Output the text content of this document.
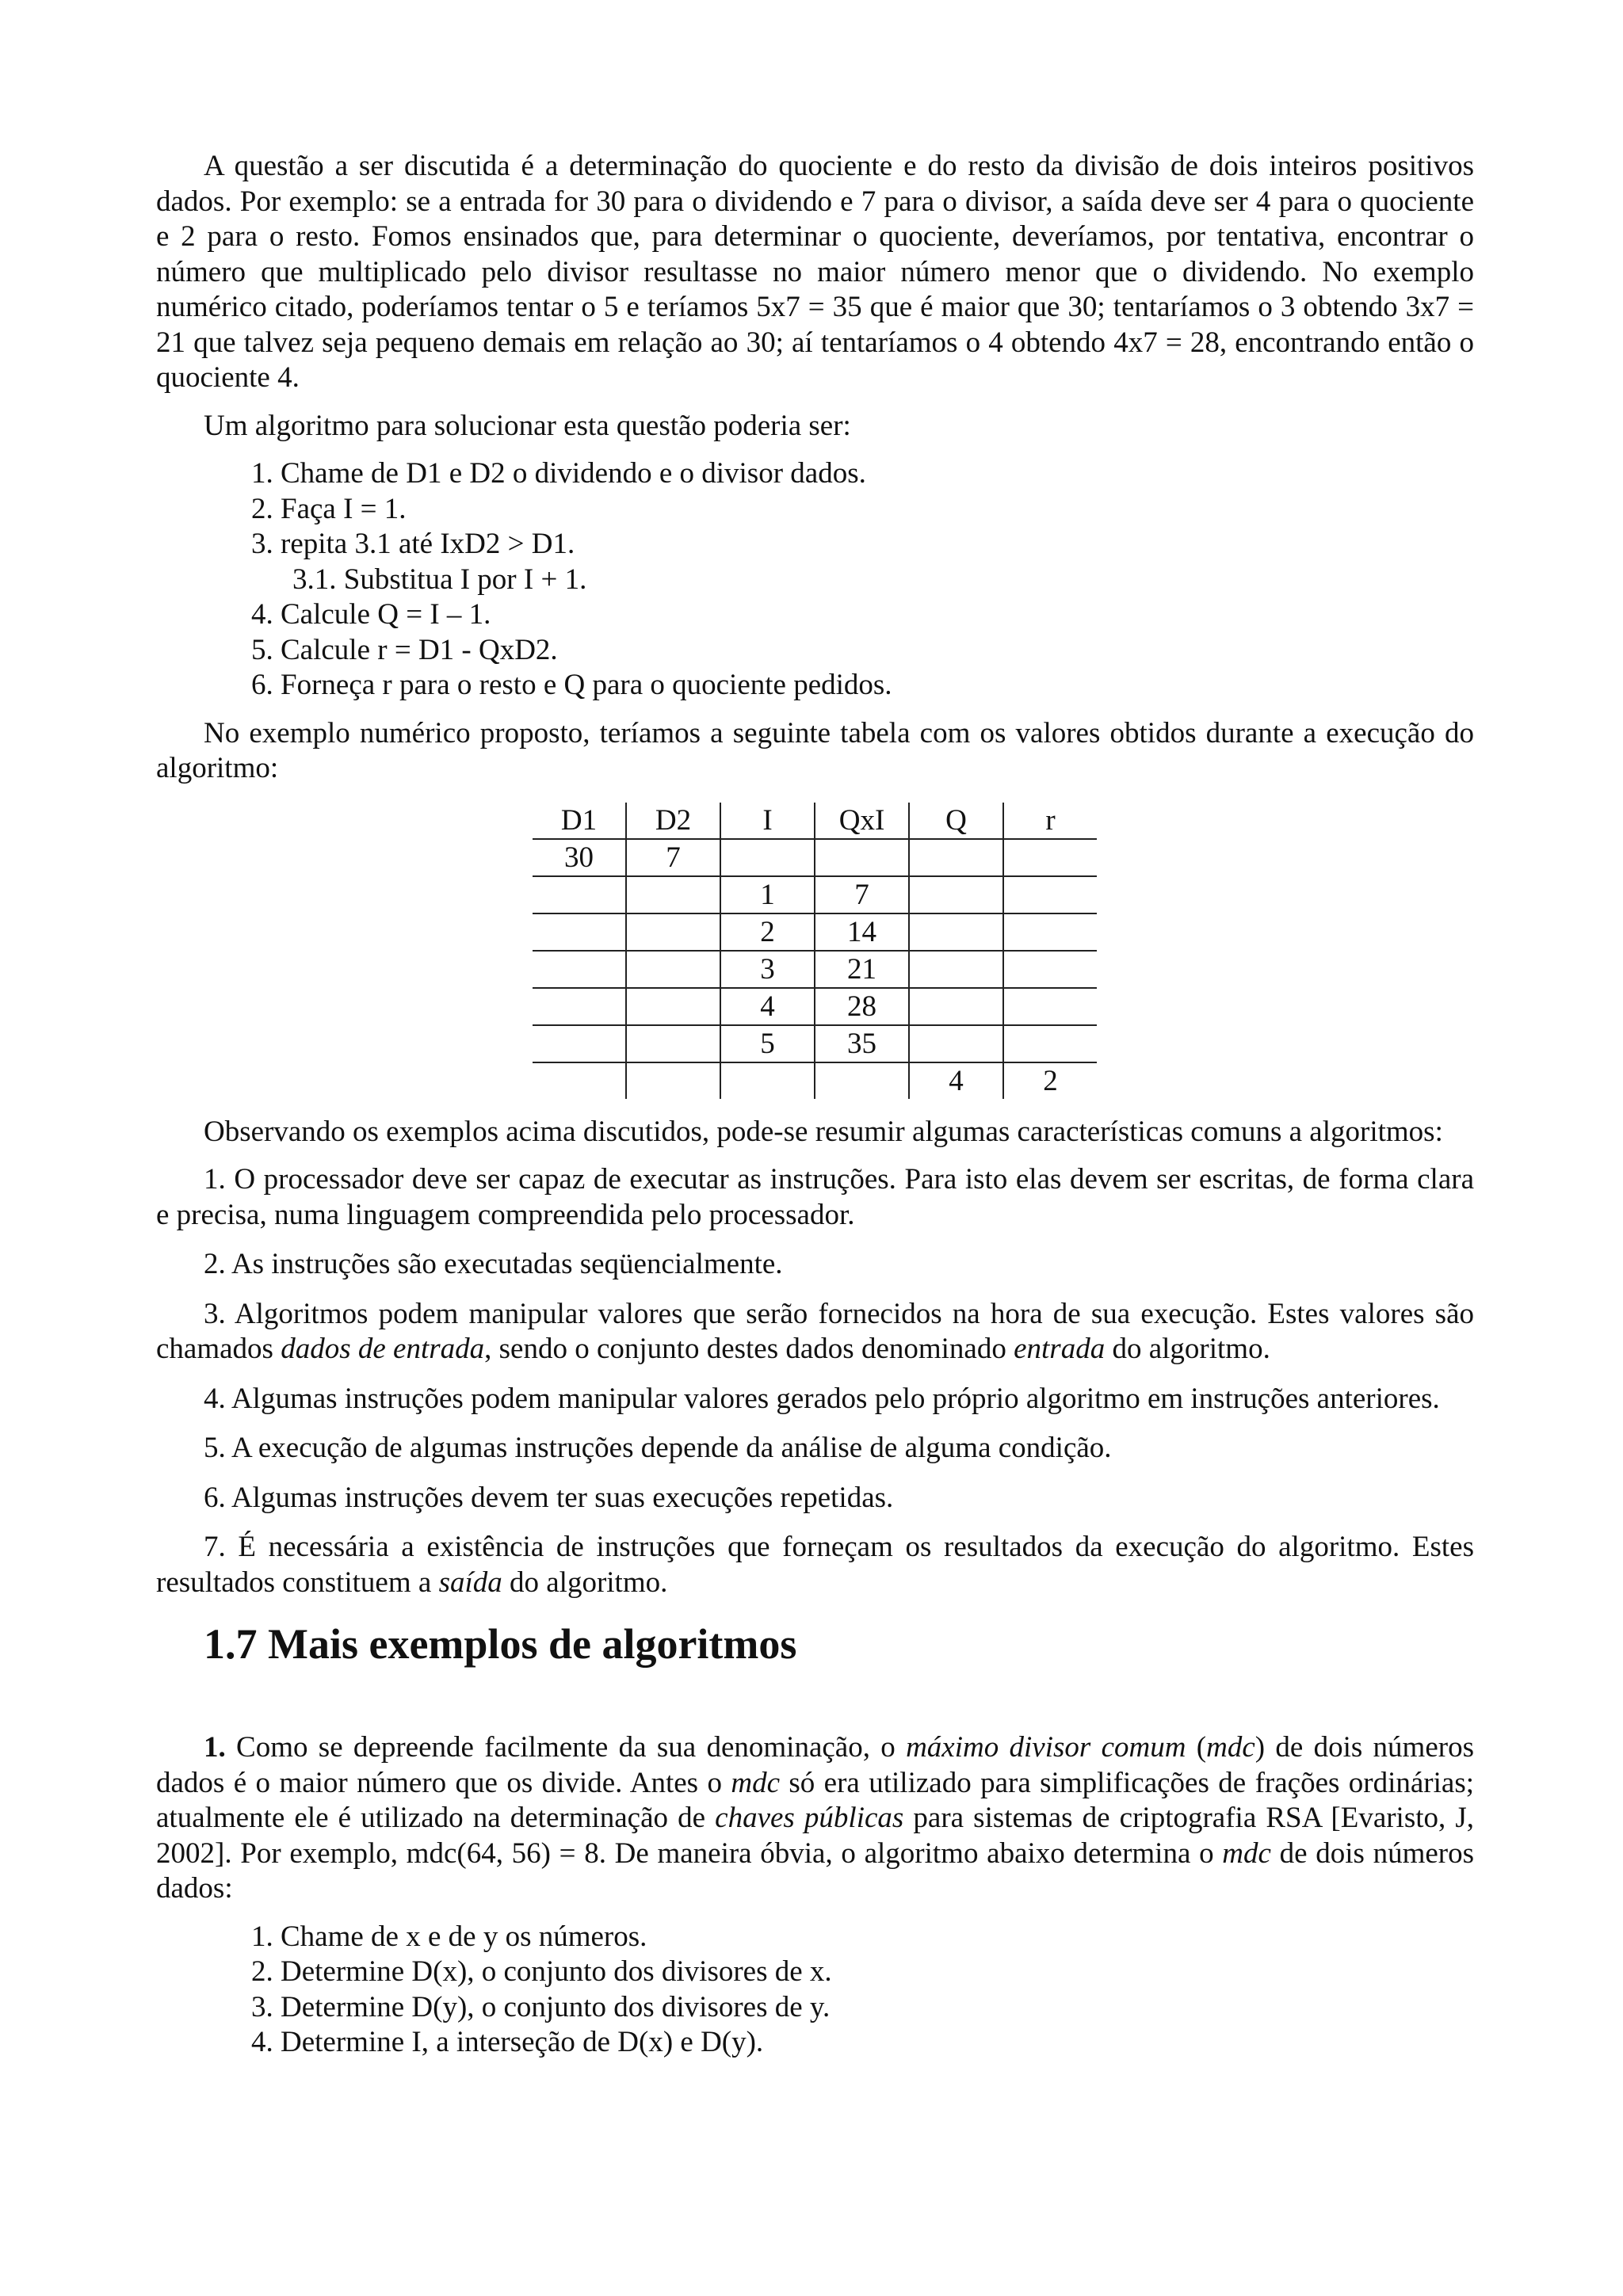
A questão a ser discutida é a determinação do quociente e do resto da divisão de dois inteiros positivos dados. Por exemplo: se a entrada for 30 para o dividendo e 7 para o divisor, a saída deve ser 4 para o quociente e 2 para o resto. Fomos ensinados que, para determinar o quociente, deveríamos, por tentativa, encontrar o número que multiplicado pelo divisor resultasse no maior número menor que o dividendo. No exemplo numérico citado, poderíamos tentar o 5 e teríamos 5x7 = 35 que é maior que 30; tentaríamos o 3 obtendo 3x7 = 21 que talvez seja pequeno demais em relação ao 30; aí tentaríamos o 4 obtendo 4x7 = 28, encontrando então o quociente 4.

Um algoritmo para solucionar esta questão poderia ser:

1. Chame de D1 e D2 o dividendo e o divisor dados.
2. Faça I = 1.
3. repita 3.1 até IxD2 > D1.
3.1. Substitua I por I + 1.
4. Calcule Q = I – 1.
5. Calcule r = D1 - QxD2.
6. Forneça r para o resto e Q para o quociente pedidos.

No exemplo numérico proposto, teríamos a seguinte tabela com os valores obtidos durante a execução do algoritmo:

D1	D2	I	QxI	Q	r
30	7				
		1	7		
		2	14		
		3	21		
		4	28		
		5	35		
				4	2

Observando os exemplos acima discutidos, pode-se resumir algumas características comuns a algoritmos:

1. O processador deve ser capaz de executar as instruções. Para isto elas devem ser escritas, de forma clara e precisa, numa linguagem compreendida pelo processador.

2. As instruções são executadas seqüencialmente.

3. Algoritmos podem manipular valores que serão fornecidos na hora de sua execução. Estes valores são chamados dados de entrada, sendo o conjunto destes dados denominado entrada do algoritmo.

4. Algumas instruções podem manipular valores gerados pelo próprio algoritmo em instruções anteriores.

5. A execução de algumas instruções depende da análise de alguma condição.

6. Algumas instruções devem ter suas execuções repetidas.

7. É necessária a existência de instruções que forneçam os resultados da execução do algoritmo. Estes resultados constituem a saída do algoritmo.

1.7 Mais exemplos de algoritmos

1. Como se depreende facilmente da sua denominação, o máximo divisor comum (mdc) de dois números dados é o maior número que os divide. Antes o mdc só era utilizado para simplificações de frações ordinárias; atualmente ele é utilizado na determinação de chaves públicas para sistemas de criptografia RSA [Evaristo, J, 2002]. Por exemplo, mdc(64, 56) = 8. De maneira óbvia, o algoritmo abaixo determina o mdc de dois números dados:

1. Chame de x e de y os números.
2. Determine D(x), o conjunto dos divisores de x.
3. Determine D(y), o conjunto dos divisores de y.
4. Determine I, a interseção de D(x) e D(y).
